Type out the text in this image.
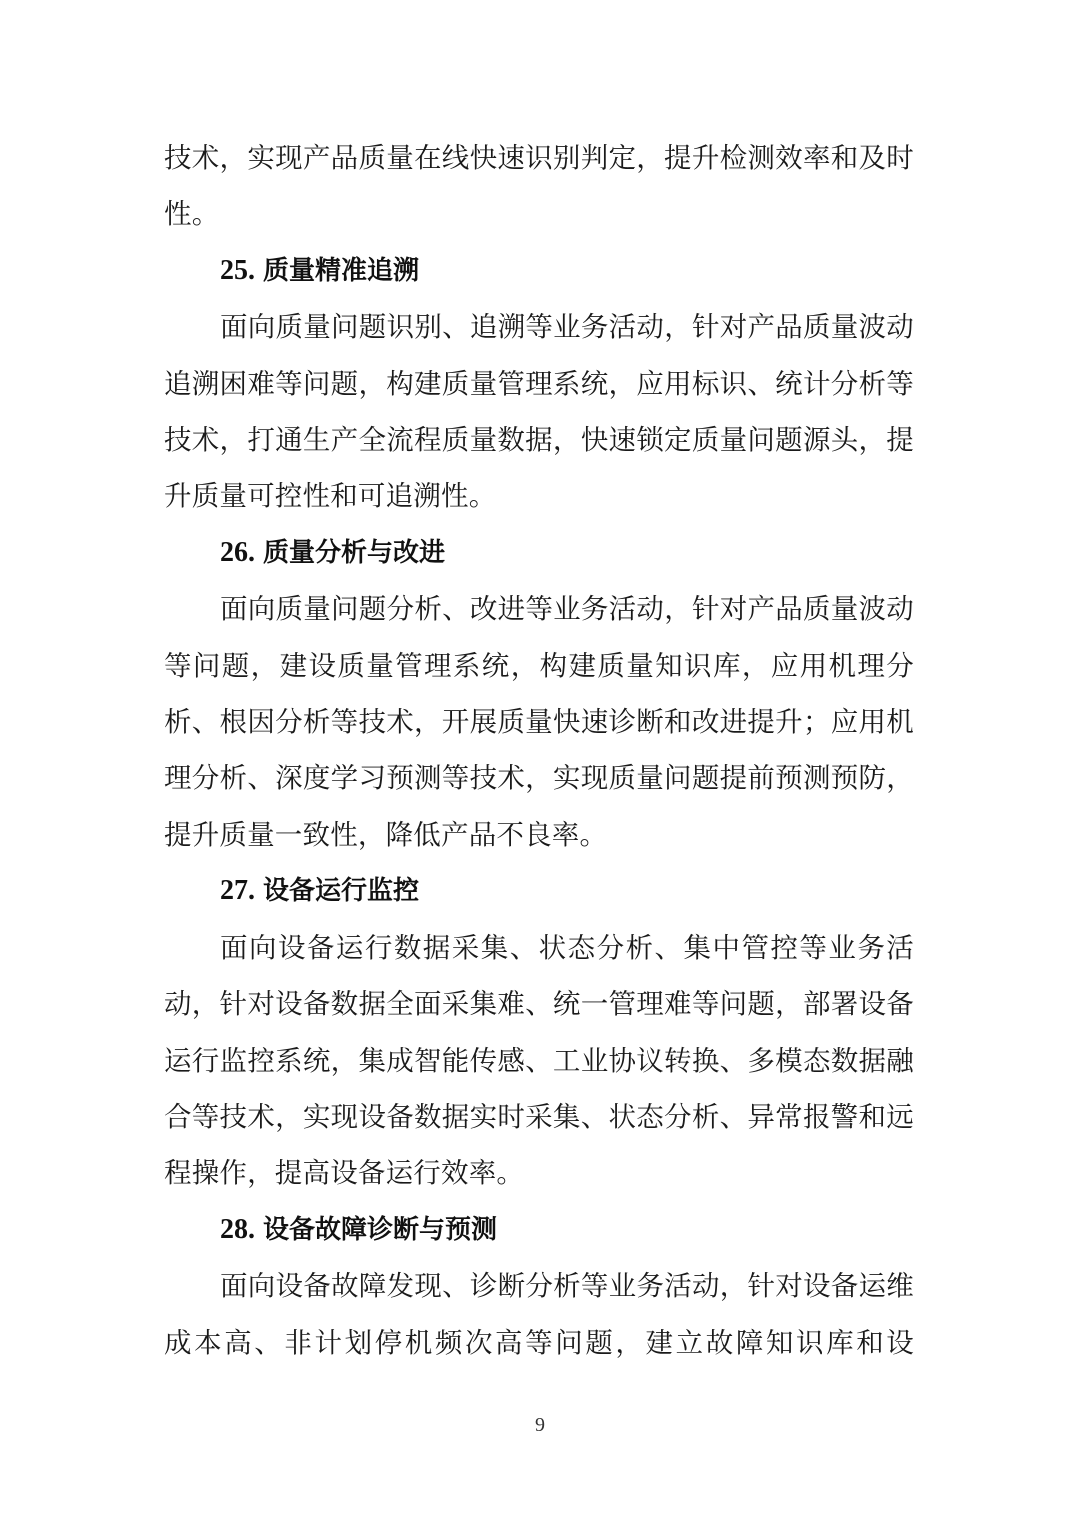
技术，实现产品质量在线快速识别判定，提升检测效率和及时性。

25. 质量精准追溯

面向质量问题识别、追溯等业务活动，针对产品质量波动追溯困难等问题，构建质量管理系统，应用标识、统计分析等技术，打通生产全流程质量数据，快速锁定质量问题源头，提升质量可控性和可追溯性。

26. 质量分析与改进

面向质量问题分析、改进等业务活动，针对产品质量波动等问题，建设质量管理系统，构建质量知识库，应用机理分析、根因分析等技术，开展质量快速诊断和改进提升；应用机理分析、深度学习预测等技术，实现质量问题提前预测预防，提升质量一致性，降低产品不良率。

27. 设备运行监控

面向设备运行数据采集、状态分析、集中管控等业务活动，针对设备数据全面采集难、统一管理难等问题，部署设备运行监控系统，集成智能传感、工业协议转换、多模态数据融合等技术，实现设备数据实时采集、状态分析、异常报警和远程操作，提高设备运行效率。

28. 设备故障诊断与预测

面向设备故障发现、诊断分析等业务活动，针对设备运维成本高、非计划停机频次高等问题，建立故障知识库和设

9
